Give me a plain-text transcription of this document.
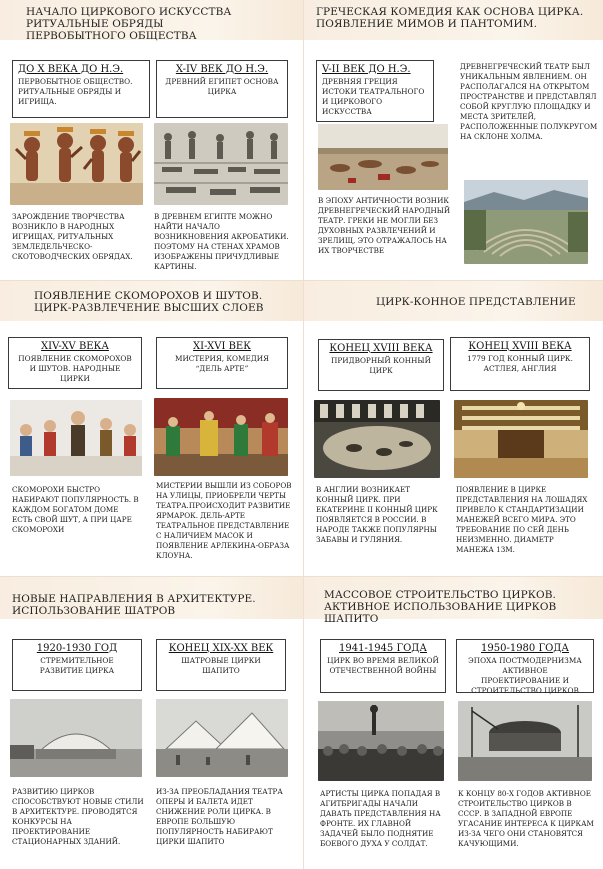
НАЧАЛО ЦИРКОВОГО ИСКУССТВА РИТУАЛЬНЫЕ ОБРЯДЫ ПЕРВОБЫТНОГО ОБЩЕСТВА
ДО X ВЕКА ДО Н.Э.
ПЕРВОБЫТНОЕ ОБЩЕСТВО. РИТУАЛЬНЫЕ ОБРЯДЫ И ИГРИЩА.
X-IV ВЕК ДО Н.Э.
ДРЕВНИЙ ЕГИПЕТ ОСНОВА ЦИРКА
ЗАРОЖДЕНИЕ ТВОРЧЕСТВА ВОЗНИКЛО В НАРОДНЫХ ИГРИЩАХ, РИТУАЛЬНЫХ ЗЕМЛЕДЕЛЬЧЕСКО-СКОТОВОДЧЕСКИХ ОБРЯДАХ.
В ДРЕВНЕМ ЕГИПТЕ МОЖНО НАЙТИ НАЧАЛО ВОЗНИКНОВЕНИЯ АКРОБАТИКИ. ПОЭТОМУ НА СТЕНАХ ХРАМОВ ИЗОБРАЖЕНЫ ПРИЧУДЛИВЫЕ КАРТИНЫ.
ГРЕЧЕСКАЯ КОМЕДИЯ КАК ОСНОВА ЦИРКА. ПОЯВЛЕНИЕ МИМОВ И ПАНТОМИМ.
V-II ВЕК ДО Н.Э.
ДРЕВНЯЯ ГРЕЦИЯ ИСТОКИ ТЕАТРАЛЬНОГО И ЦИРКОВОГО ИСКУССТВА
ДРЕВНЕГРЕЧЕСКИЙ ТЕАТР БЫЛ УНИКАЛЬНЫМ ЯВЛЕНИЕМ. ОН РАСПОЛАГАЛСЯ НА ОТКРЫТОМ ПРОСТРАНСТВЕ И ПРЕДСТАВЛЯЛ СОБОЙ КРУГЛУЮ ПЛОЩАДКУ И МЕСТА ЗРИТЕЛЕЙ, РАСПОЛОЖЕННЫЕ ПОЛУКРУГОМ НА СКЛОНЕ ХОЛМА.
В ЭПОХУ АНТИЧНОСТИ ВОЗНИК ДРЕВНЕГРЕЧЕСКИЙ НАРОДНЫЙ ТЕАТР. ГРЕКИ НЕ МОГЛИ БЕЗ ДУХОВНЫХ РАЗВЛЕЧЕНИЙ И ЗРЕЛИЩ, ЭТО ОТРАЖАЛОСЬ НА ИХ ТВОРЧЕСТВЕ
ПОЯВЛЕНИЕ СКОМОРОХОВ И ШУТОВ. ЦИРК-РАЗВЛЕЧЕНИЕ ВЫСШИХ СЛОЕВ
XIV-XV ВЕКА
ПОЯВЛЕНИЕ СКОМОРОХОВ И ШУТОВ. НАРОДНЫЕ ЦИРКИ
XI-XVI ВЕК
МИСТЕРИЯ, КОМЕДИЯ “ДЕЛЬ АРТЕ”
СКОМОРОХИ БЫСТРО НАБИРАЮТ ПОПУЛЯРНОСТЬ. В КАЖДОМ БОГАТОМ ДОМЕ ЕСТЬ СВОЙ ШУТ, А ПРИ ЦАРЕ СКОМОРОХИ
МИСТЕРИИ ВЫШЛИ ИЗ СОБОРОВ НА УЛИЦЫ, ПРИОБРЕЛИ ЧЕРТЫ ТЕАТРА.ПРОИСХОДИТ РАЗВИТИЕ ЯРМАРОК. ДЕЛЬ-АРТЕ ТЕАТРАЛЬНОЕ ПРЕДСТАВЛЕНИЕ С НАЛИЧИЕМ МАСОК И ПОЯВЛЕНИЕ АРЛЕКИНА-ОБРАЗА КЛОУНА.
ЦИРК-КОННОЕ ПРЕДСТАВЛЕНИЕ
КОНЕЦ XVIII ВЕКА
ПРИДВОРНЫЙ КОННЫЙ ЦИРК
КОНЕЦ XVIII ВЕКА
1779 ГОД КОННЫЙ ЦИРК. АСТЛЕЯ, АНГЛИЯ
В АНГЛИИ ВОЗНИКАЕТ КОННЫЙ ЦИРК. ПРИ ЕКАТЕРИНЕ II КОННЫЙ ЦИРК ПОЯВЛЯЕТСЯ В РОССИИ. В НАРОДЕ ТАКЖЕ ПОПУЛЯРНЫ ЗАБАВЫ И ГУЛЯНИЯ.
ПОЯВЛЕНИЕ В ЦИРКЕ ПРЕДСТАВЛЕНИЯ НА ЛОШАДЯХ ПРИВЕЛО К СТАНДАРТИЗАЦИИ МАНЕЖЕЙ ВСЕГО МИРА. ЭТО ТРЕБОВАНИЕ ПО СЕЙ ДЕНЬ НЕИЗМЕННО. ДИАМЕТР МАНЕЖА 13М.
НОВЫЕ НАПРАВЛЕНИЯ В АРХИТЕКТУРЕ. ИСПОЛЬЗОВАНИЕ ШАТРОВ
1920-1930 ГОД
СТРЕМИТЕЛЬНОЕ РАЗВИТИЕ ЦИРКА
КОНЕЦ XIX-XX ВЕК
ШАТРОВЫЕ ЦИРКИ ШАПИТО
РАЗВИТИЮ ЦИРКОВ СПОСОБСТВУЮТ НОВЫЕ СТИЛИ В АРХИТЕКТУРЕ. ПРОВОДЯТСЯ КОНКУРСЫ НА ПРОЕКТИРОВАНИЕ СТАЦИОНАРНЫХ ЗДАНИЙ.
ИЗ-ЗА ПРЕОБЛАДАНИЯ ТЕАТРА ОПЕРЫ И БАЛЕТА ИДЕТ СНИЖЕНИЕ РОЛИ ЦИРКА. В ЕВРОПЕ БОЛЬШУЮ ПОПУЛЯРНОСТЬ НАБИРАЮТ ЦИРКИ ШАПИТО
МАССОВОЕ СТРОИТЕЛЬСТВО ЦИРКОВ. АКТИВНОЕ ИСПОЛЬЗОВАНИЕ ЦИРКОВ ШАПИТО
1941-1945 ГОДА
ЦИРК ВО ВРЕМЯ ВЕЛИКОЙ ОТЕЧЕСТВЕННОЙ ВОЙНЫ
1950-1980 ГОДА
ЭПОХА ПОСТМОДЕРНИЗМА АКТИВНОЕ ПРОЕКТИРОВАНИЕ И СТРОИТЕЛЬСТВО ЦИРКОВ
АРТИСТЫ ЦИРКА ПОПАДАЯ В АГИТБРИГАДЫ НАЧАЛИ ДАВАТЬ ПРЕДСТАВЛЕНИЯ НА ФРОНТЕ. ИХ ГЛАВНОЙ ЗАДАЧЕЙ БЫЛО ПОДНЯТИЕ БОЕВОГО ДУХА У СОЛДАТ.
К КОНЦУ 80-Х ГОДОВ АКТИВНОЕ СТРОИТЕЛЬСТВО ЦИРКОВ В СССР. В ЗАПАДНОЙ ЕВРОПЕ УГАСАНИЕ ИНТЕРЕСА К ЦИРКАМ ИЗ-ЗА ЧЕГО ОНИ СТАНОВЯТСЯ КАЧУЮЩИМИ.
